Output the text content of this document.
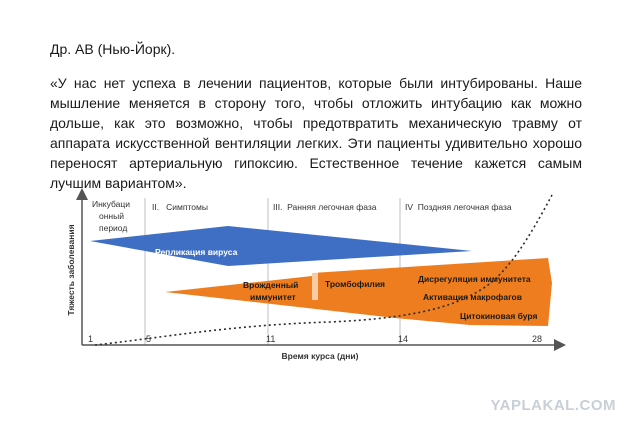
Др. АВ (Нью-Йорк).
«У нас нет успеха в лечении пациентов, которые были интубированы. Наше мышление меняется в сторону того, чтобы отложить интубацию как можно дольше, как это возможно, чтобы предотвратить механическую травму от аппарата искусственной вентиляции легких. Эти пациенты удивительно хорошо переносят артериальную гипоксию. Естественное течение кажется самым лучшим вариантом».
Тяжесть заболевания
Время курса (дни)
1	5	11	14	28
Инкубаци
онный
период
II.   Симптомы	III.  Ранняя легочная фаза	IV  Поздняя легочная фаза
Репликация вируса
Врожденный
иммунитет
Тромбофилия	Дисрегуляция иммунитета
Активация макрофагов
Цитокиновая буря
YAPLAKAL.COM
